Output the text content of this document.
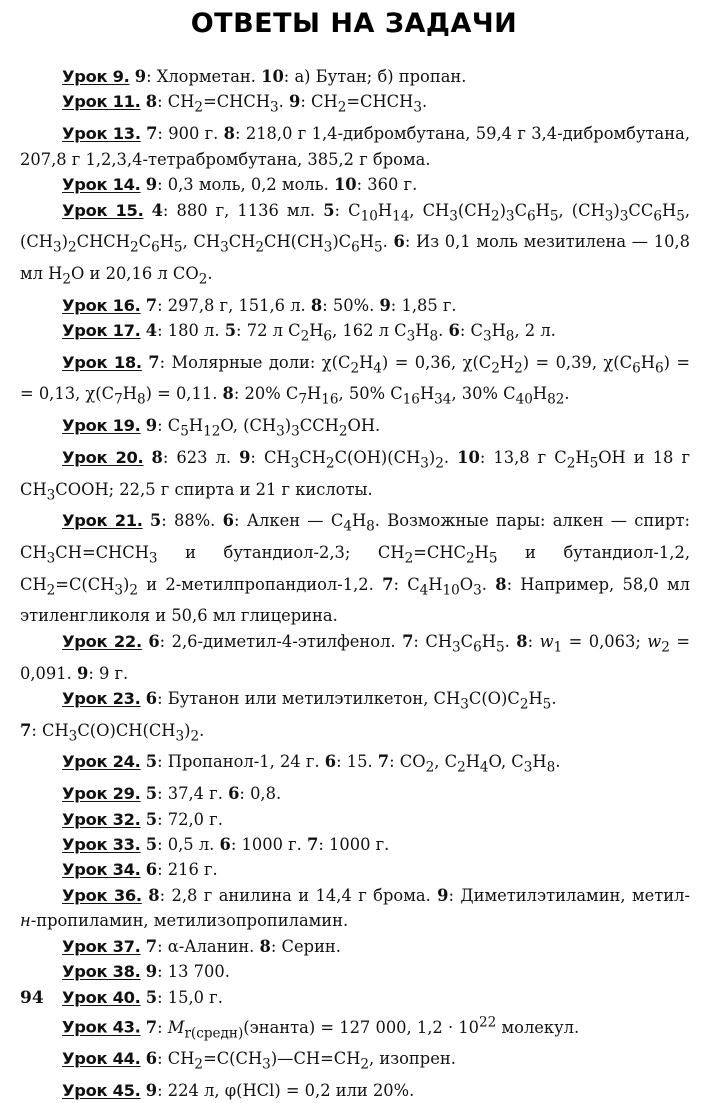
ОТВЕТЫ НА ЗАДАЧИ

Урок 9. 9: Хлорметан. 10: а) Бутан; б) пропан.

Урок 11. 8: $CH_2=CHCH_3$. 9: $CH_2=CHCH_3$.

Урок 13. 7: 900 г. 8: 218,0 г 1,4-дибромбутана, 59,4 г 3,4-дибромбутана, 207,8 г 1,2,3,4-тетрабромбутана, 385,2 г брома.

Урок 14. 9: 0,3 моль, 0,2 моль. 10: 360 г.

Урок 15. 4: 880 г, 1136 мл. 5: $C_{10}H_{14}$, $CH_3(CH_2)_3C_6H_5$, $(CH_3)_3CC_6H_5$, $(CH_3)_2CHCH_2C_6H_5$, $CH_3CH_2CH(CH_3)C_6H_5$. 6: Из 0,1 моль мезитилена — 10,8 мл $H_2O$ и 20,16 л $CO_2$.

Урок 16. 7: 297,8 г, 151,6 л. 8: 50%. 9: 1,85 г.

Урок 17. 4: 180 л. 5: 72 л $C_2H_6$, 162 л $C_3H_8$. 6: $C_3H_8$, 2 л.

Урок 18. 7: Молярные доли: $\chi(C_2H_4) = 0,36$, $\chi(C_2H_2) = 0,39$, $\chi(C_6H_6)$ = = 0,13, $\chi(C_7H_8) = 0,11$. 8: 20% $C_7H_{16}$, 50% $C_{16}H_{34}$, 30% $C_{40}H_{82}$.

Урок 19. 9: $C_5H_{12}O$, $(CH_3)_3CCH_2OH$.

Урок 20. 8: 623 л. 9: $CH_3CH_2C(OH)(CH_3)_2$. 10: 13,8 г $C_2H_5OH$ и 18 г $CH_3COOH$; 22,5 г спирта и 21 г кислоты.

Урок 21. 5: 88%. 6: Алкен — $C_4H_8$. Возможные пары: алкен — спирт: $CH_3CH=CHCH_3$ и бутандиол-2,3; $CH_2=CHC_2H_5$ и бутандиол-1,2, $CH_2=C(CH_3)_2$ и 2-метилпропандиол-1,2. 7: $C_4H_{10}O_3$. 8: Например, 58,0 мл этиленгликоля и 50,6 мл глицерина.

Урок 22. 6: 2,6-диметил-4-этилфенол. 7: $CH_3C_6H_5$. 8: $w_1 = 0,063$; $w_2 = 0,091$. 9: 9 г.

Урок 23. 6: Бутанон или метилэтилкетон, $CH_3C(O)C_2H_5$.
7: $CH_3C(O)CH(CH_3)_2$.

Урок 24. 5: Пропанол-1, 24 г. 6: 15. 7: $CO_2$, $C_2H_4O$, $C_3H_8$.

Урок 29. 5: 37,4 г. 6: 0,8.

Урок 32. 5: 72,0 г.

Урок 33. 5: 0,5 л. 6: 1000 г. 7: 1000 г.

Урок 34. 6: 216 г.

Урок 36. 8: 2,8 г анилина и 14,4 г брома. 9: Диметилэтиламин, метил-н-пропиламин, метилизопропиламин.

Урок 37. 7: α-Аланин. 8: Серин.

Урок 38. 9: 13 700.

Урок 40. 5: 15,0 г.

Урок 43. 7: $M_{r(средн)}(энанта) = 127$ 000, $1,2 \cdot 10^{22}$ молекул.

Урок 44. 6: $CH_2=C(CH_3)—CH=CH_2$, изопрен.

Урок 45. 9: 224 л, φ(HCl) = 0,2 или 20%.

94
